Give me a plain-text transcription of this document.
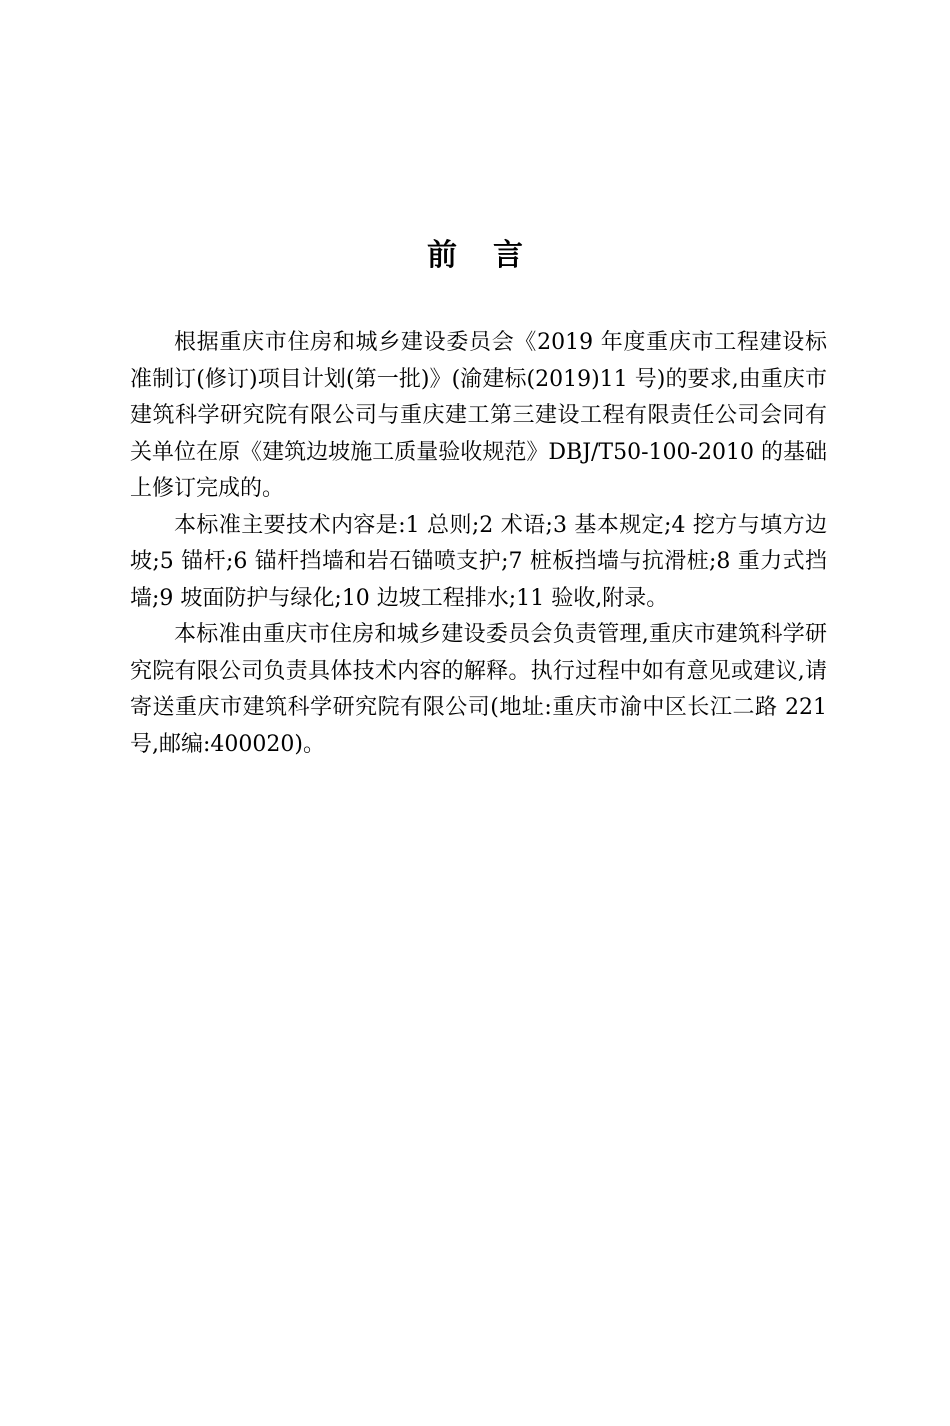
前言

根据重庆市住房和城乡建设委员会《2019 年度重庆市工程建设标准制订(修订)项目计划(第一批)》(渝建标(2019)11 号)的要求,由重庆市建筑科学研究院有限公司与重庆建工第三建设工程有限责任公司会同有关单位在原《建筑边坡施工质量验收规范》DBJ/T50-100-2010 的基础上修订完成的。

本标准主要技术内容是:1 总则;2 术语;3 基本规定;4 挖方与填方边坡;5 锚杆;6 锚杆挡墙和岩石锚喷支护;7 桩板挡墙与抗滑桩;8 重力式挡墙;9 坡面防护与绿化;10 边坡工程排水;11 验收,附录。

本标准由重庆市住房和城乡建设委员会负责管理,重庆市建筑科学研究院有限公司负责具体技术内容的解释。执行过程中如有意见或建议,请寄送重庆市建筑科学研究院有限公司(地址:重庆市渝中区长江二路 221 号,邮编:400020)。
